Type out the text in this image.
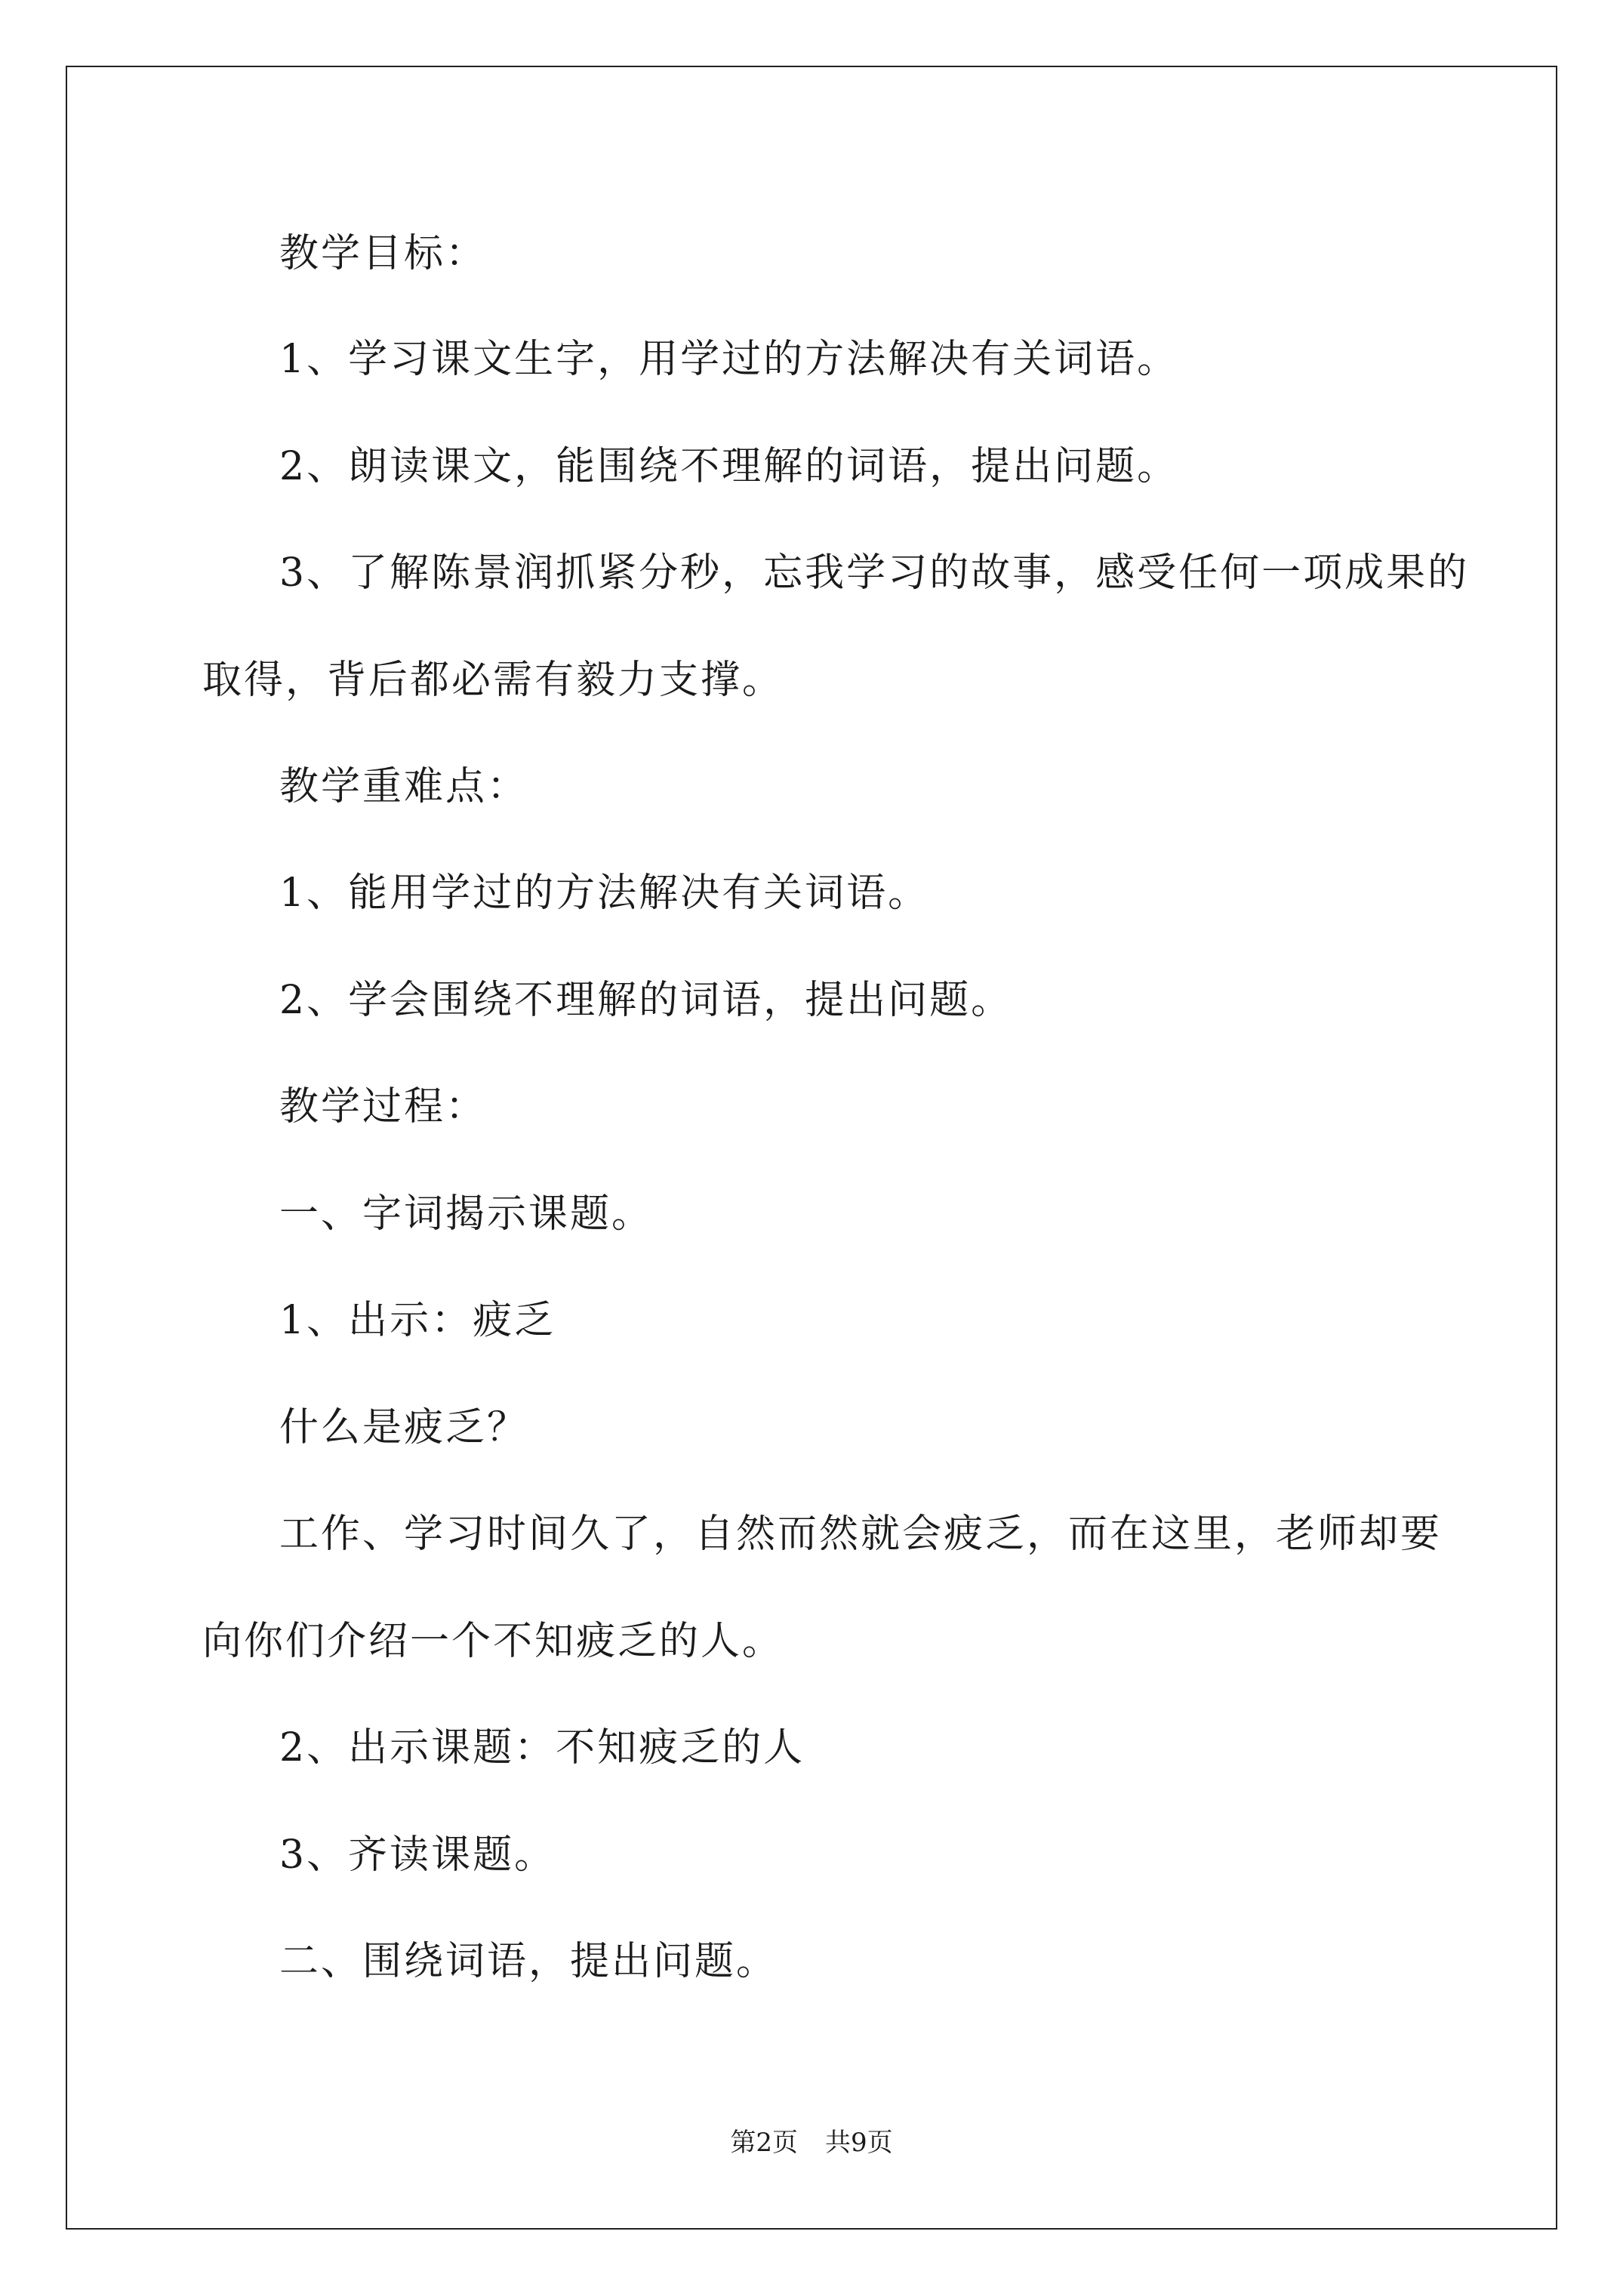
教学目标：
1、学习课文生字，用学过的方法解决有关词语。
2、朗读课文，能围绕不理解的词语，提出问题。
3、了解陈景润抓紧分秒，忘我学习的故事，感受任何一项成果的
取得，背后都必需有毅力支撑。
教学重难点：
1、能用学过的方法解决有关词语。
2、学会围绕不理解的词语，提出问题。
教学过程：
一、字词揭示课题。
1、出示：疲乏
什么是疲乏？
工作、学习时间久了，自然而然就会疲乏，而在这里，老师却要
向你们介绍一个不知疲乏的人。
2、出示课题：不知疲乏的人
3、齐读课题。
二、围绕词语，提出问题。
第2页 共9页
